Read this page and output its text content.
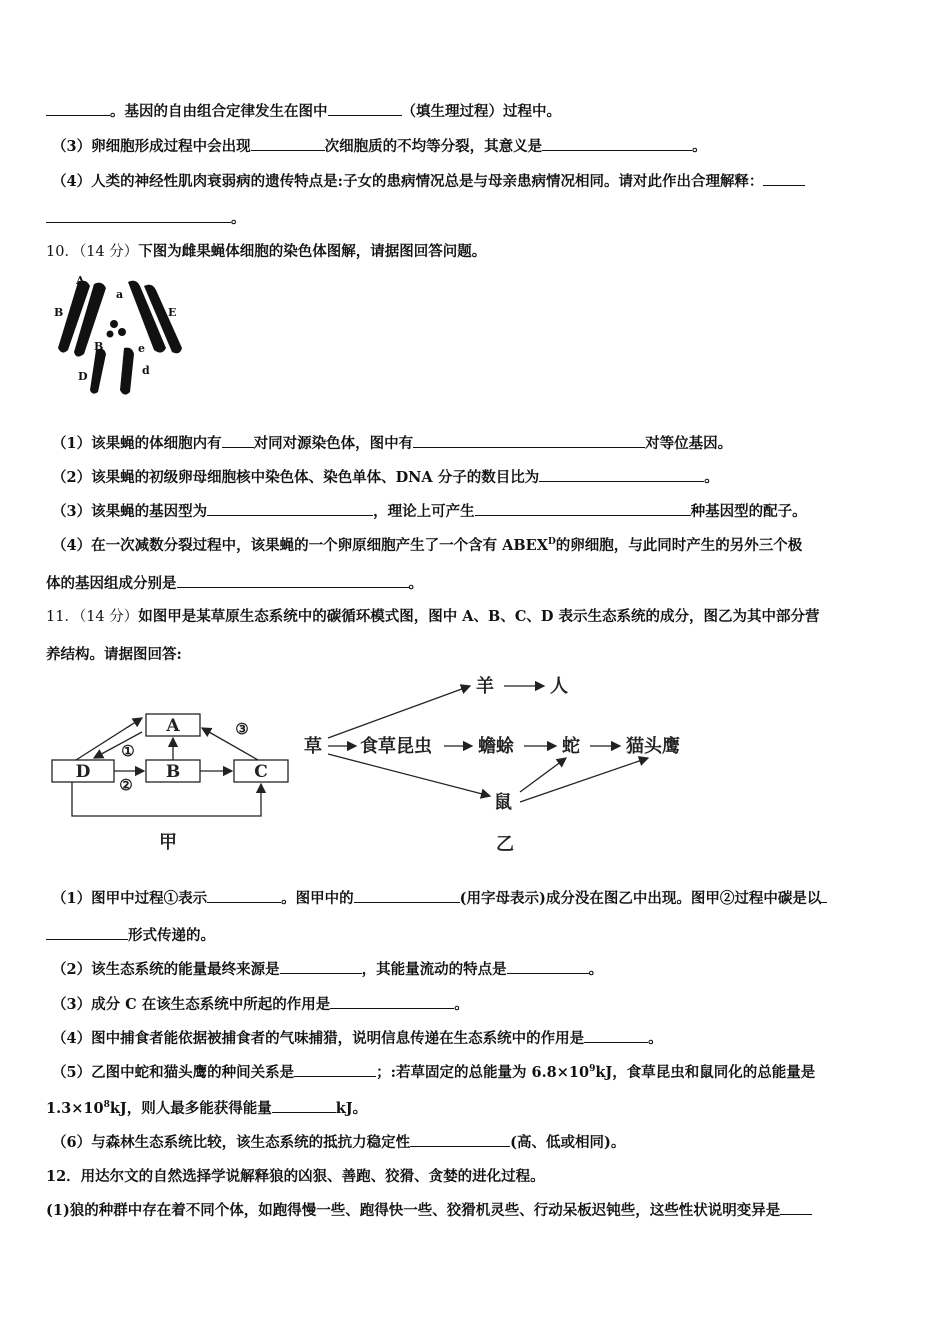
。基因的自由组合定律发生在图中	（填生理过程）过程中。
（3）卵细胞形成过程中会出现	次细胞质的不均等分裂，其意义是	。
（4）人类的神经性肌肉衰弱病的遗传特点是:子女的患病情况总是与母亲患病情况相同。请对此作出合理解释：
。
10．（14 分）下图为雌果蝇体细胞的染色体图解，请据图回答问题。
A
a
B
B
E
e
D	d
（1）该果蝇的体细胞内有 对同对源染色体，图中有	对等位基因。
（2）该果蝇的初级卵母细胞核中染色体、染色单体、DNA 分子的数目比为	。
（3）该果蝇的基因型为	，理论上可产生	种基因型的配子。
（4）在一次减数分裂过程中，该果蝇的一个卵原细胞产生了一个含有 $ABEX^D$的卵细胞，与此同时产生的另外三个极
体的基因组成分别是	。
11．（14 分）如图甲是某草原生态系统中的碳循环模式图，图中 A、B、C、D 表示生态系统的成分，图乙为其中部分营
养结构。请据图回答:
A
B	C
D
①
②
③
甲
草 食草昆虫	蟾蜍	蛇	猫头鹰
羊	人
鼠
乙
（1）图甲中过程①表示	。图甲中的	(用字母表示)成分没在图乙中出现。图甲②过程中碳是以
形式传递的。
（2）该生态系统的能量最终来源是	，其能量流动的特点是	。
（3）成分 C 在该生态系统中所起的作用是	。
（4）图中捕食者能依据被捕食者的气味捕猎，说明信息传递在生态系统中的作用是	。
（5）乙图中蛇和猫头鹰的种间关系是	；:若草固定的总能量为 $6.8\times 10^9kJ$，食草昆虫和鼠同化的总能量是
$1.3\times 10^8kJ$，则人最多能获得能量	kJ。
（6）与森林生态系统比较，该生态系统的抵抗力稳定性	(高、低或相同)。
12．用达尔文的自然选择学说解释狼的凶狠、善跑、狡猾、贪婪的进化过程。
(1)狼的种群中存在着不同个体，如跑得慢一些、跑得快一些、狡猾机灵些、行动呆板迟钝些，这些性状说明变异是
